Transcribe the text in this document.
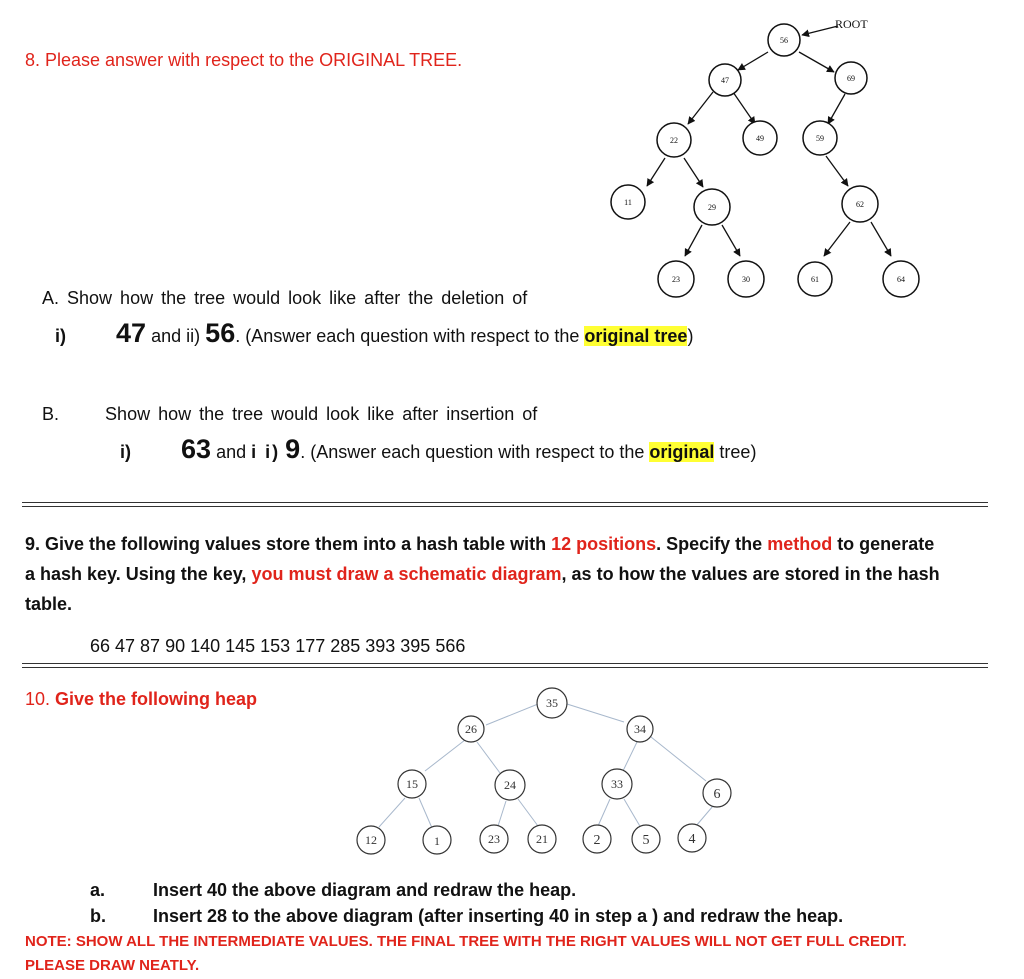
8. Please answer with respect to the ORIGINAL TREE.
ROOT
56
47	69
22	49	59
11
29	62
23	30	61	64
A. Show how the tree would look like after the deletion of
i) 47 and ii) 56. (Answer each question with respect to the original tree)
B.	Show how the tree would look like after insertion of
i) 63 and i i) 9. (Answer each question with respect to the original tree)
9. Give the following values store them into a hash table with 12 positions. Specify the method to generate
a hash key. Using the key, you must draw a schematic diagram, as to how the values are stored in the hash
table.
66 47 87 90 140 145 153 177 285 393 395 566
10. Give the following heap	35
26	34
15	24	33
6
12	1	23	21	2	5	4
a.	Insert 40 the above diagram and redraw the heap.
b.	Insert 28 to the above diagram (after inserting 40 in step a ) and redraw the heap.
NOTE: SHOW ALL THE INTERMEDIATE VALUES. THE FINAL TREE WITH THE RIGHT VALUES WILL NOT GET FULL CREDIT.
PLEASE DRAW NEATLY.
